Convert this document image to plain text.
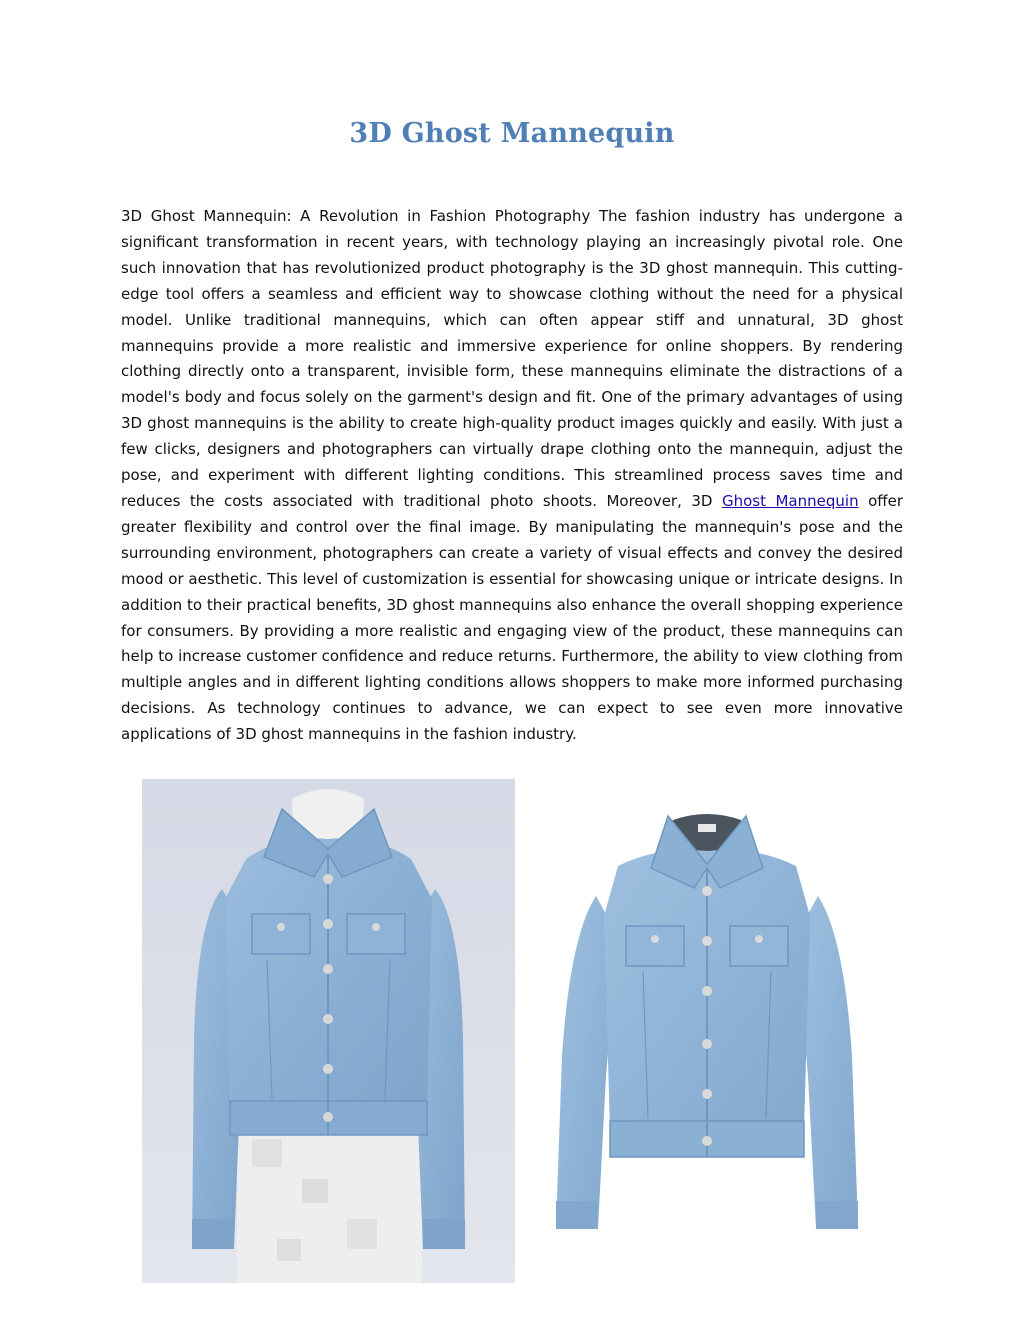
3D Ghost Mannequin

3D Ghost Mannequin: A Revolution in Fashion Photography The fashion industry has undergone a significant transformation in recent years, with technology playing an increasingly pivotal role. One such innovation that has revolutionized product photography is the 3D ghost mannequin. This cutting-edge tool offers a seamless and efficient way to showcase clothing without the need for a physical model. Unlike traditional mannequins, which can often appear stiff and unnatural, 3D ghost mannequins provide a more realistic and immersive experience for online shoppers. By rendering clothing directly onto a transparent, invisible form, these mannequins eliminate the distractions of a model's body and focus solely on the garment's design and fit. One of the primary advantages of using 3D ghost mannequins is the ability to create high-quality product images quickly and easily. With just a few clicks, designers and photographers can virtually drape clothing onto the mannequin, adjust the pose, and experiment with different lighting conditions. This streamlined process saves time and reduces the costs associated with traditional photo shoots. Moreover, 3D Ghost Mannequin offer greater flexibility and control over the final image. By manipulating the mannequin's pose and the surrounding environment, photographers can create a variety of visual effects and convey the desired mood or aesthetic. This level of customization is essential for showcasing unique or intricate designs. In addition to their practical benefits, 3D ghost mannequins also enhance the overall shopping experience for consumers. By providing a more realistic and engaging view of the product, these mannequins can help to increase customer confidence and reduce returns. Furthermore, the ability to view clothing from multiple angles and in different lighting conditions allows shoppers to make more informed purchasing decisions. As technology continues to advance, we can expect to see even more innovative applications of 3D ghost mannequins in the fashion industry.
